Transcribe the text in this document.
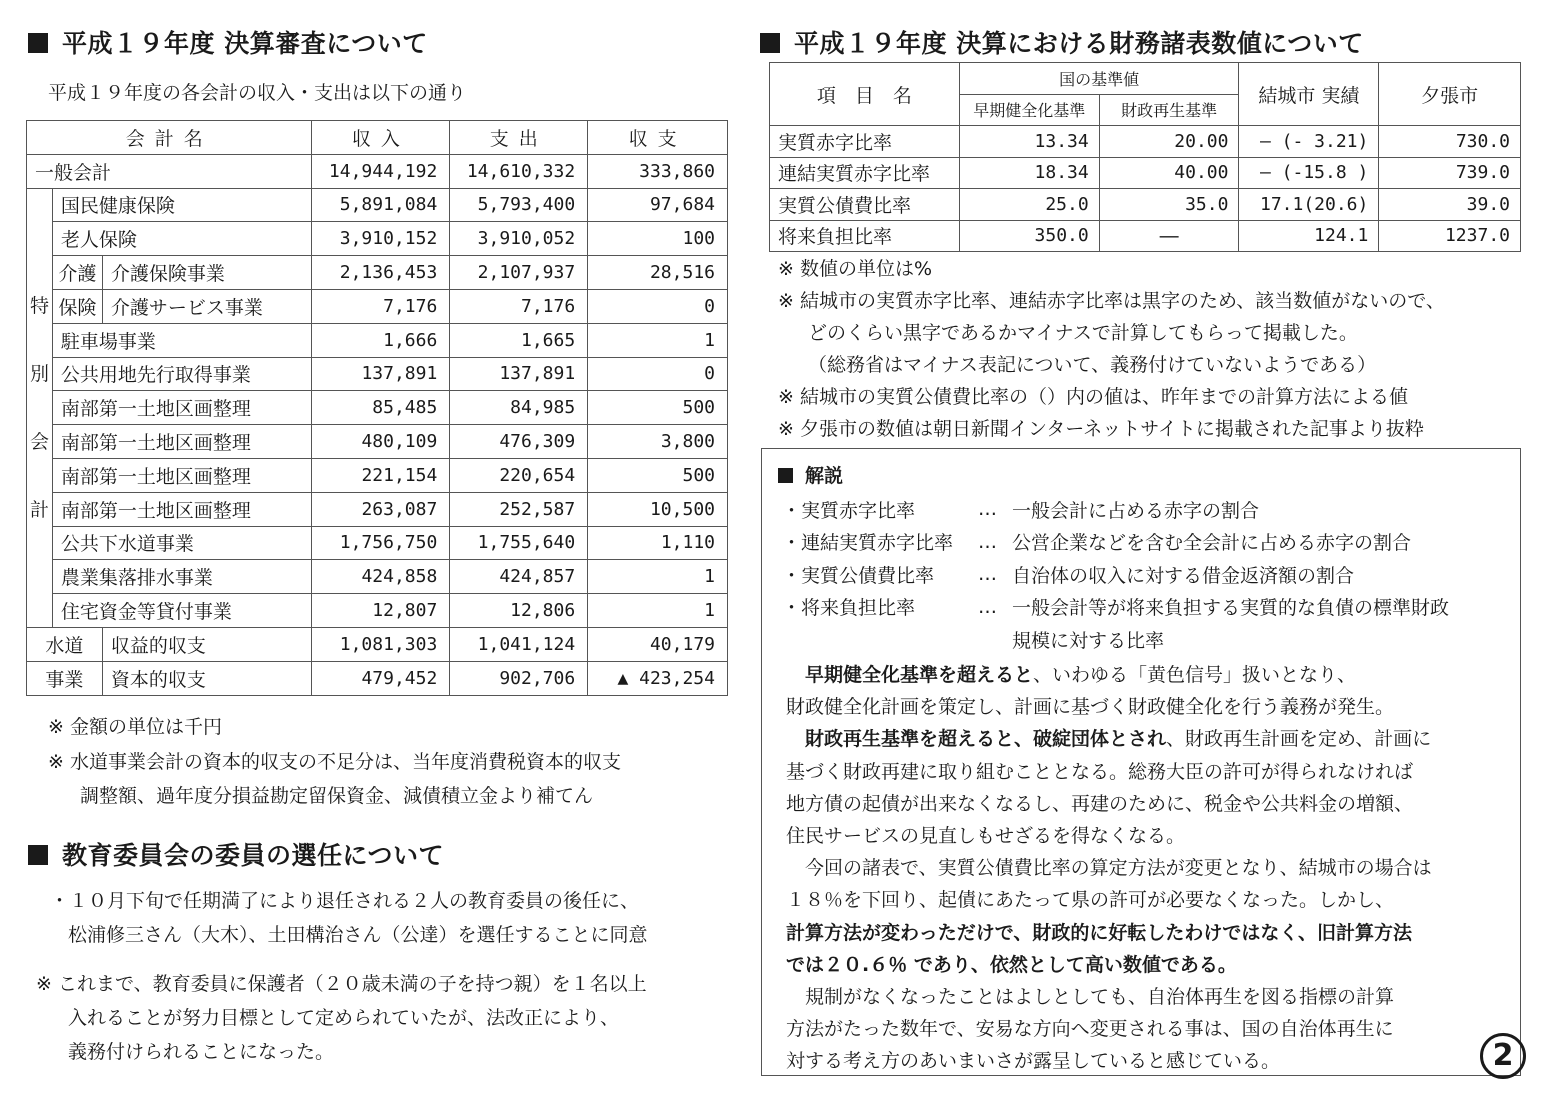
平成１９年度 決算審査について
平成１９年度の各会計の収入・支出は以下の通り
会計名			収入	支出	収支
一般会計			14,944,192	14,610,332	333,860

特
別
会
計	国民健康保険		5,891,084	5,793,400	97,684
	老人保険		3,910,152	3,910,052	100
	介護	介護保険事業	2,136,453	2,107,937	28,516
	保険	介護サービス事業	7,176	7,176	0
	駐車場事業		1,666	1,665	1
	公共用地先行取得事業		137,891	137,891	0
	南部第一土地区画整理		85,485	84,985	500
	南部第一土地区画整理		480,109	476,309	3,800
	南部第一土地区画整理		221,154	220,654	500
	南部第一土地区画整理		263,087	252,587	10,500
	公共下水道事業		1,756,750	1,755,640	1,110
	農業集落排水事業		424,858	424,857	1
	住宅資金等貸付事業		12,807	12,806	1
水道		収益的収支	1,081,303	1,041,124	40,179
事業		資本的収支	479,452	902,706	▲ 423,254
※ 金額の単位は千円
※ 水道事業会計の資本的収支の不足分は、当年度消費税資本的収支
調整額、過年度分損益勘定留保資金、減債積立金より補てん
教育委員会の委員の選任について
・１０月下旬で任期満了により退任される２人の教育委員の後任に、
松浦修三さん（大木）、土田構治さん（公達）を選任することに同意
※ これまで、教育委員に保護者（２０歳未満の子を持つ親）を１名以上
入れることが努力目標として定められていたが、法改正により、
義務付けられることになった。
平成１９年度 決算における財務諸表数値について
項　目　名	国の基準値		結城市 実績	夕張市
	早期健全化基準	財政再生基準		
実質赤字比率	13.34	20.00	― (- 3.21)	730.0
連結実質赤字比率	18.34	40.00	― (-15.8 )	739.0
実質公債費比率	25.0	35.0	17.1(20.6)	39.0
将来負担比率	350.0	―	124.1	1237.0
※ 数値の単位は%
※ 結城市の実質赤字比率、連結赤字比率は黒字のため、該当数値がないので、
どのくらい黒字であるかマイナスで計算してもらって掲載した。
（総務省はマイナス表記について、義務付けていないようである）
※ 結城市の実質公債費比率の（）内の値は、昨年までの計算方法による値
※ 夕張市の数値は朝日新聞インターネットサイトに掲載された記事より抜粋
解説
・実質赤字比率	… 一般会計に占める赤字の割合
・連結実質赤字比率	… 公営企業などを含む全会計に占める赤字の割合
・実質公債費比率	… 自治体の収入に対する借金返済額の割合
・将来負担比率	… 一般会計等が将来負担する実質的な負債の標準財政
規模に対する比率
早期健全化基準を超えると、いわゆる「黄色信号」扱いとなり、
財政健全化計画を策定し、計画に基づく財政健全化を行う義務が発生。
財政再生基準を超えると、破綻団体とされ、財政再生計画を定め、計画に
基づく財政再建に取り組むこととなる。総務大臣の許可が得られなければ
地方債の起債が出来なくなるし、再建のために、税金や公共料金の増額、
住民サービスの見直しもせざるを得なくなる。
今回の諸表で、実質公債費比率の算定方法が変更となり、結城市の場合は
１８％を下回り、起債にあたって県の許可が必要なくなった。しかし、
計算方法が変わっただけで、財政的に好転したわけではなく、旧計算方法
では２０.６％ であり、依然として高い数値である。
規制がなくなったことはよしとしても、自治体再生を図る指標の計算
方法がたった数年で、安易な方向へ変更される事は、国の自治体再生に
対する考え方のあいまいさが露呈していると感じている。	2
